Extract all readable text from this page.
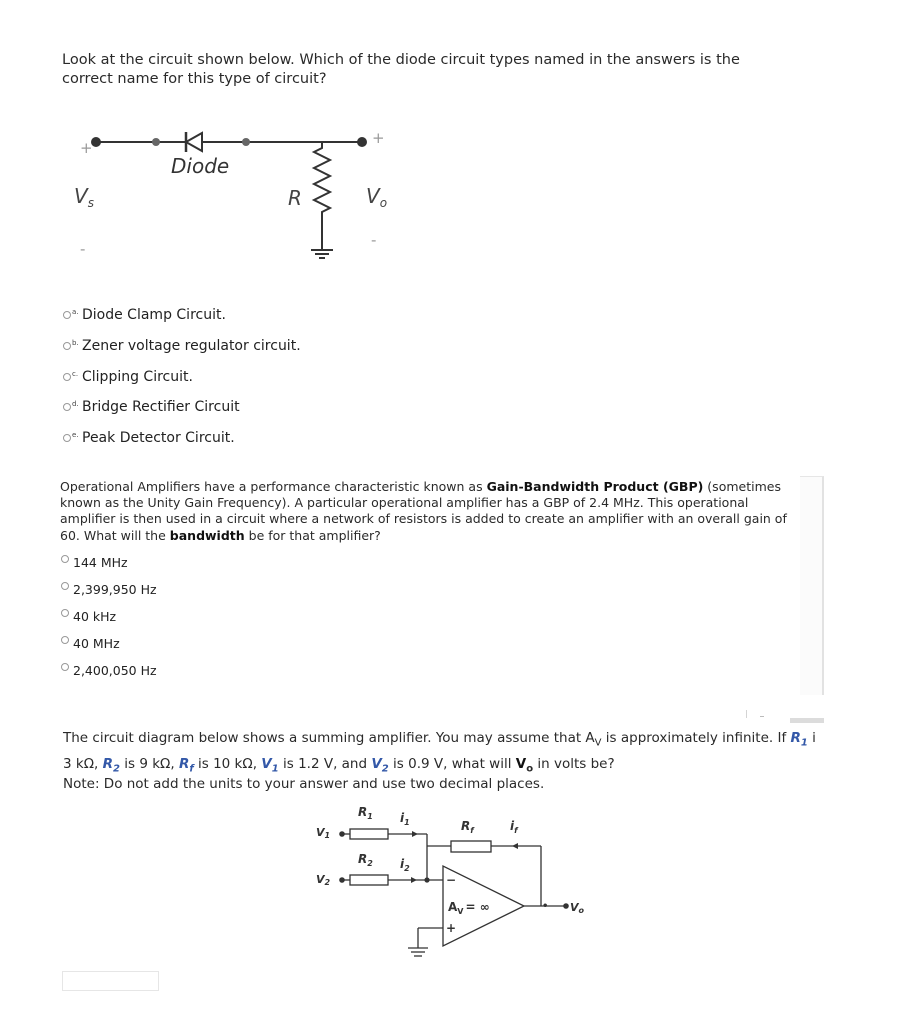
Look at the circuit shown below. Which of the diode circuit types named in the answers is the correct name for this type of circuit?
+
+
-	-
Diode
$V_s$	R	$V_o$
a. Diode Clamp Circuit.
b. Zener voltage regulator circuit.
c. Clipping Circuit.
d. Bridge Rectifier Circuit
e. Peak Detector Circuit.
Operational Amplifiers have a performance characteristic known as Gain-Bandwidth Product (GBP) (sometimes known as the Unity Gain Frequency). A particular operational amplifier has a GBP of 2.4 MHz. This operational amplifier is then used in a circuit where a network of resistors is added to create an amplifier with an overall gain of 60. What will the bandwidth be for that amplifier?
144 MHz
2,399,950 Hz
40 kHz
40 MHz
2,400,050 Hz
The circuit diagram below shows a summing amplifier. You may assume that $A_V$ is approximately infinite. If $R_1$ i
3 kΩ, $R_2$ is 9 kΩ, $R_f$ is 10 kΩ, $V_1$ is 1.2 V, and $V_2$ is 0.9 V, what will $V_o$ in volts be?
Note: Do not add the units to your answer and use two decimal places.
•
$R_1$
$R_2$
$R_f$
$i_1$
$i_2$
$i_f$
V1
V2
Vo
$A_V$ = ∞
−
+
